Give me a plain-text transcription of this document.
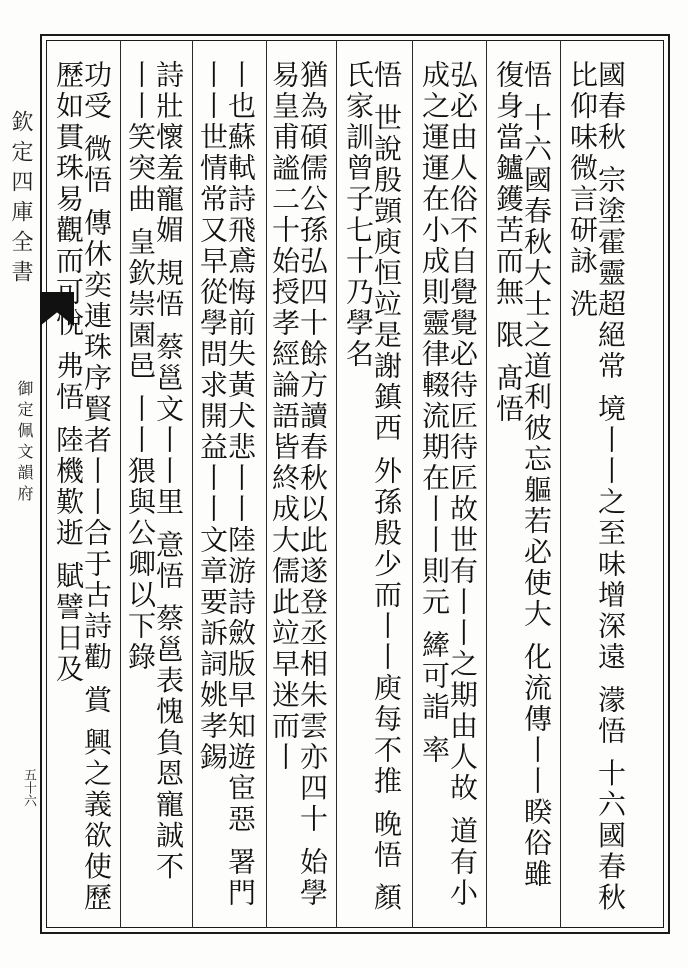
欽定四庫全書
御定佩文韻府
五十六	國春秋 宗塗霍靈超絕常 境丨丨之至味增深遠 濛悟 十六國春秋比仰味微言研詠 洗
悟 十六國春秋大士之道利彼忘軀若必使大 化流傳丨丨睽俗雖復身當鑪鑊苦而無 限 髙悟
弘必由人俗不自覺覺必待匠待匠故世有丨丨之期由人故 道有小成之運運在小成則靈律輟流期在丨丨則元 縴可詣 率
悟 世說殷顗庾恒竝是謝鎮西 外孫殷少而丨丨庾每不推 晚悟 顏氏家訓曾子七十乃學名
猶為碩儒公孫弘四十餘方讀春秋以此遂登丞相朱雲亦四十 始學易皇甫謐二十始授孝經論語皆終成大儒此竝早迷而丨
丨也蘇軾詩飛鳶悔前失黃犬悲丨丨陸游詩斂版早知遊宦惡 署門丨丨世情常又早從學問求開益丨丨文章要訴詞姚孝錫
詩壯懷羞寵媚 規悟 蔡邕文丨丨里 意悟 蔡邕表愧負恩寵誠不 丨丨笑突曲 皇欽崇園邑 丨丨猥與公卿以下錄
功受 微悟 傳休奕連珠序賢者丨丨合于古詩勸 賞 興之義欲使歷歷如貫珠易觀而可悅 弗悟 陸機歎逝 賦譬日及
